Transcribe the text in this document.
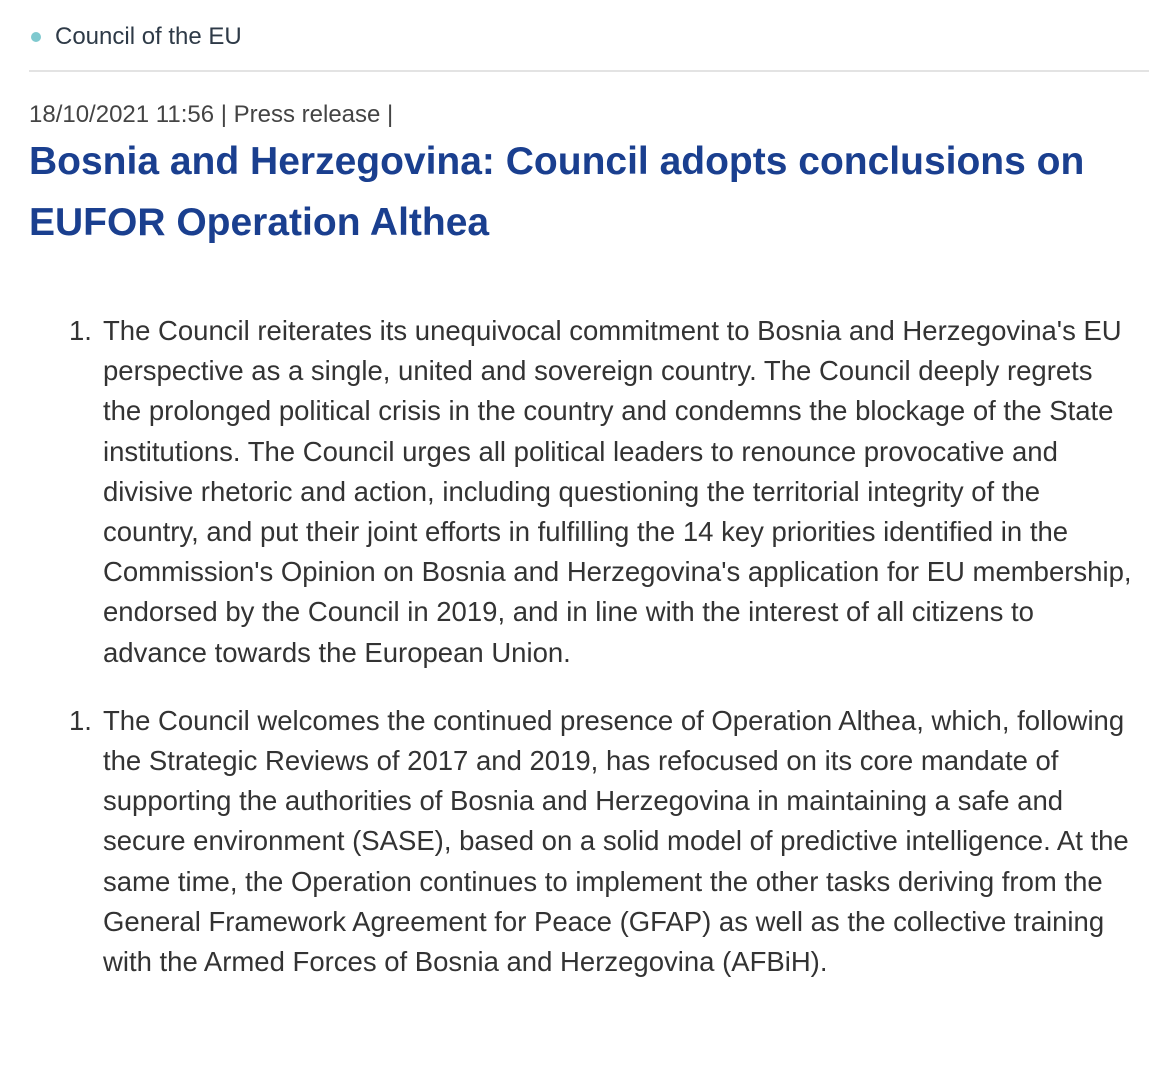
Council of the EU
18/10/2021 11:56 | Press release |
Bosnia and Herzegovina: Council adopts conclusions on EUFOR Operation Althea
1. The Council reiterates its unequivocal commitment to Bosnia and Herzegovina's EU perspective as a single, united and sovereign country. The Council deeply regrets the prolonged political crisis in the country and condemns the blockage of the State institutions. The Council urges all political leaders to renounce provocative and divisive rhetoric and action, including questioning the territorial integrity of the country, and put their joint efforts in fulfilling the 14 key priorities identified in the Commission's Opinion on Bosnia and Herzegovina's application for EU membership, endorsed by the Council in 2019, and in line with the interest of all citizens to advance towards the European Union.
1. The Council welcomes the continued presence of Operation Althea, which, following the Strategic Reviews of 2017 and 2019, has refocused on its core mandate of supporting the authorities of Bosnia and Herzegovina in maintaining a safe and secure environment (SASE), based on a solid model of predictive intelligence. At the same time, the Operation continues to implement the other tasks deriving from the General Framework Agreement for Peace (GFAP) as well as the collective training with the Armed Forces of Bosnia and Herzegovina (AFBiH).
